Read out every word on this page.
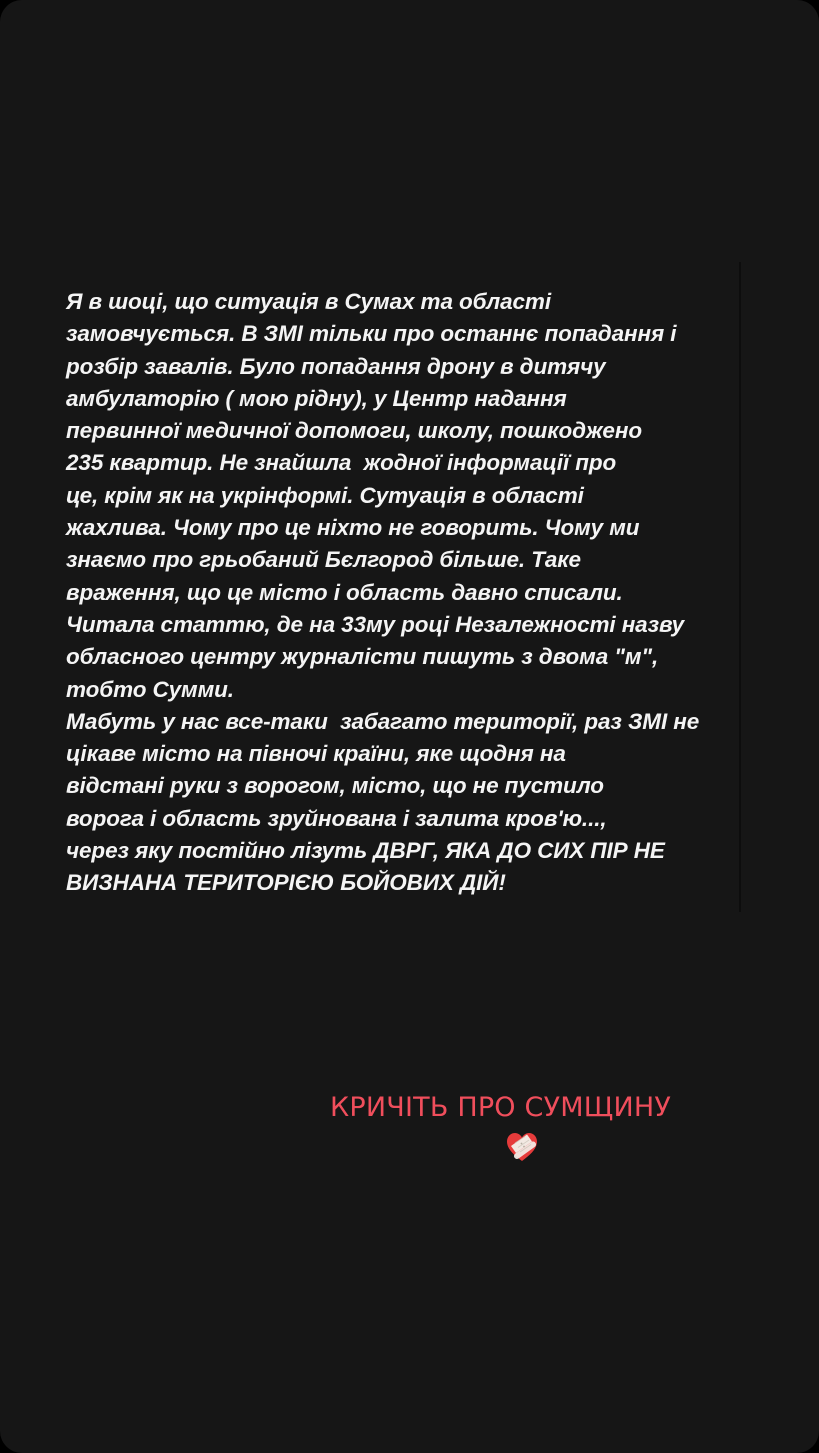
Я в шоці, що ситуація в Сумах та області
замовчується. В ЗМІ тільки про останнє попадання і
розбір завалів. Було попадання дрону в дитячу
амбулаторію ( мою рідну), у Центр надання
первинної медичної допомоги, школу, пошкоджено
235 квартир. Не знайшла  жодної інформації про
це, крім як на укрінформі. Сутуація в області
жахлива. Чому про це ніхто не говорить. Чому ми
знаємо про грьобаний Бєлгород більше. Таке
враження, що це місто і область давно списали.
Читала статтю, де на 33му році Незалежності назву
обласного центру журналісти пишуть з двома "м",
тобто Сумми.
Мабуть у нас все-таки  забагато території, раз ЗМІ не
цікаве місто на півночі країни, яке щодня на
відстані руки з ворогом, місто, що не пустило
ворога і область зруйнована і залита кров'ю...,
через яку постійно лізуть ДВРГ, ЯКА ДО СИХ ПІР НЕ
ВИЗНАНА ТЕРИТОРІЄЮ БОЙОВИХ ДІЙ!
КРИЧІТЬ ПРО СУМЩИНУ
